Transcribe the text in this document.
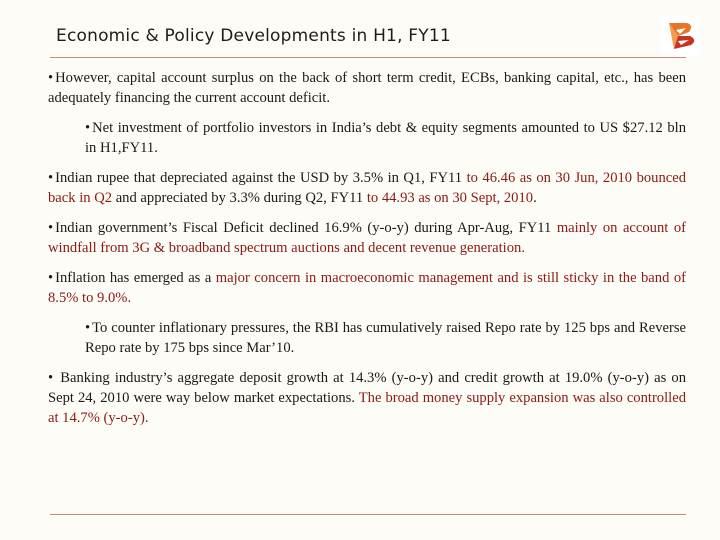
Economic & Policy Developments in H1, FY11
• However, capital account surplus on the back of short term credit, ECBs, banking capital, etc., has been adequately financing the current account deficit.
• Net investment of portfolio investors in India’s debt & equity segments amounted to US $27.12 bln in H1,FY11.
• Indian rupee that depreciated against the USD by 3.5% in Q1, FY11 to 46.46 as on 30 Jun, 2010 bounced back in Q2 and appreciated by 3.3% during Q2, FY11 to 44.93 as on 30 Sept, 2010.
• Indian government’s Fiscal Deficit declined 16.9% (y-o-y) during Apr-Aug, FY11 mainly on account of windfall from 3G & broadband spectrum auctions and decent revenue generation.
• Inflation has emerged as a major concern in macroeconomic management and is still sticky in the band of 8.5% to 9.0%.
• To counter inflationary pressures, the RBI has cumulatively raised Repo rate by 125 bps and Reverse Repo rate by 175 bps since Mar’10.
• Banking industry’s aggregate deposit growth at 14.3% (y-o-y) and credit growth at 19.0% (y-o-y) as on Sept 24, 2010 were way below market expectations. The broad money supply expansion was also controlled at 14.7% (y-o-y).
